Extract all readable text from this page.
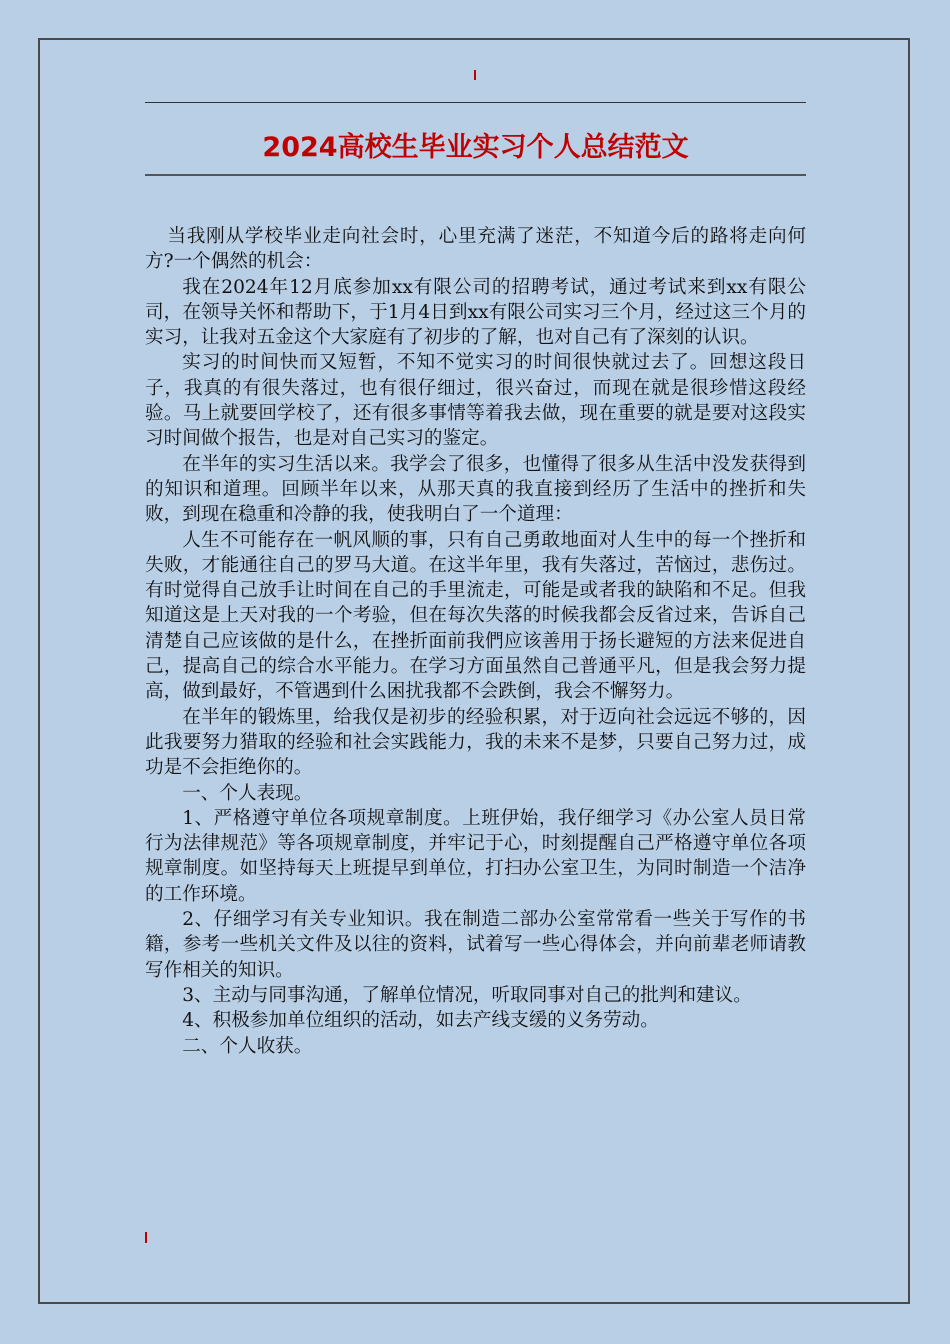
2024高校生毕业实习个人总结范文

当我刚从学校毕业走向社会时，心里充满了迷茫，不知道今后的路将走向何方?一个偶然的机会：

我在2024年12月底参加xx有限公司的招聘考试，通过考试来到xx有限公司，在领导关怀和帮助下，于1月4日到xx有限公司实习三个月，经过这三个月的实习，让我对五金这个大家庭有了初步的了解，也对自己有了深刻的认识。

实习的时间快而又短暂，不知不觉实习的时间很快就过去了。回想这段日子，我真的有很失落过，也有很仔细过，很兴奋过，而现在就是很珍惜这段经验。马上就要回学校了，还有很多事情等着我去做，现在重要的就是要对这段实习时间做个报告，也是对自己实习的鉴定。

在半年的实习生活以来。我学会了很多，也懂得了很多从生活中没发获得到的知识和道理。回顾半年以来，从那天真的我直接到经历了生活中的挫折和失败，到现在稳重和冷静的我，使我明白了一个道理：

人生不可能存在一帆风顺的事，只有自己勇敢地面对人生中的每一个挫折和失败，才能通往自己的罗马大道。在这半年里，我有失落过，苦恼过，悲伤过。有时觉得自己放手让时间在自己的手里流走，可能是或者我的缺陷和不足。但我知道这是上天对我的一个考验，但在每次失落的时候我都会反省过来，告诉自己清楚自己应该做的是什么，在挫折面前我們应该善用于扬长避短的方法来促进自己，提高自己的综合水平能力。在学习方面虽然自己普通平凡，但是我会努力提高，做到最好，不管遇到什么困扰我都不会跌倒，我会不懈努力。

在半年的锻炼里，给我仅是初步的经验积累，对于迈向社会远远不够的，因此我要努力猎取的经验和社会实践能力，我的未来不是梦，只要自己努力过，成功是不会拒绝你的。

一、个人表现。

1、严格遵守单位各项规章制度。上班伊始，我仔细学习《办公室人员日常行为法律规范》等各项规章制度，并牢记于心，时刻提醒自己严格遵守单位各项规章制度。如坚持每天上班提早到单位，打扫办公室卫生，为同时制造一个洁净的工作环境。

2、仔细学习有关专业知识。我在制造二部办公室常常看一些关于写作的书籍，参考一些机关文件及以往的资料，试着写一些心得体会，并向前辈老师请教写作相关的知识。

3、主动与同事沟通，了解单位情况，听取同事对自己的批判和建议。

4、积极参加单位组织的活动，如去产线支缓的义务劳动。

二、个人收获。
